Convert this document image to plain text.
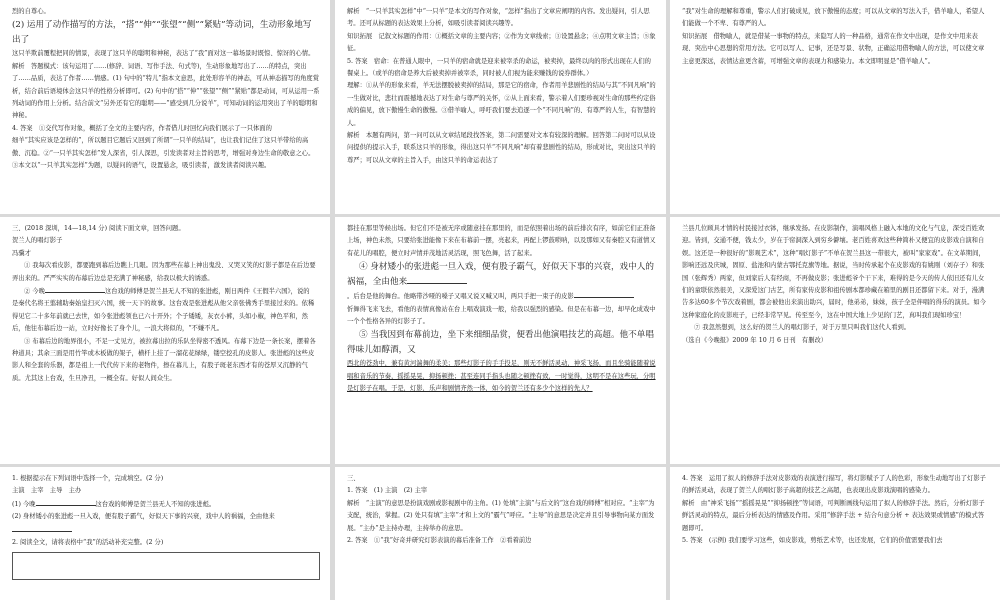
烈的自尊心。

(2) 运用了动作描写的方法，“搭”“伸”“张望”“侧”“紧贴”等动词，生动形象地写出了

这只羊欺前覆程把同的情景，表现了这只羊的聪明和神秘，表达了“我”面对这一幕场景时既惊、惊讶的心情。

解析　答题模式：该句运用了……(修辞、词语、写作手法、句式等)，生动形象地写出了……的特点，突出了……品质，表达了作者……情感。(1) 句中的“特儿”指本文意思，此处形容羊的神态，可从神态描写的角度赏析，结合前后语境体会这只羊的性格分析即可。(2) 句中的“搭”“伸”“张望”“侧”“紧贴”都是动词，可从运用一系列动词的作用上分析。结合前文“另外还有它的聪明——”感受到几分说羊”，可知动词的运用突出了羊的聪明和神秘。

4. 答案　①交代写作对象，概括了全文的主要内容，作者借儿时回忆向我们展示了一只体面的

细羊“其实应该是怎样的”，所以题目它题后又回到了所谓“一只羊的结局”，也让我们记住了这只羊带给的高傲、沉稳。②“一只羊其实怎样”发人深省，引人深思，引发读者对主旨的思考，增强对身边生命的敬意之心。③本文以“一只羊其实怎样”为题，以疑问的语气，设置悬念，吸引读者，激发读者阅读兴趣。

解析　“一只羊其实怎样”中“一只羊”是本文的写作对象，“怎样”指出了文章应阐明的内容。发出疑问，引人思考。还可从标题的表达效果上分析，如吸引读者阅读兴趣等。

知识拓展　记叙文标题的作用：①概括文章的主要内容；②作为文章线索；③设置悬念；④点明文章主旨；⑤象征。

5. 答案　宿命：在普通人眼中，一只羊的宿命就是迎来被宰杀的命运，被卖掉，最终以肉的形式出现在人们的餐桌上。（或羊的宿命是养大后被卖掉并被宰杀，同时被人们视为能来赚钱的说券群体。）

理解：①从羊的形象来看，羊无法摆脱被卖掉的结局，那是它的宿命，作者用羊悲剧性的结局与其“不同凡响”的一生做对比，悲壮而震撼地表达了对生命与尊严的关怀，②从上面来看，警示着人们要珍视对生命的那些约定俗成的偏见，放下傲慢生命的傲慢。③借羊喻人，呼吁我们要去追逐一个“不同凡响”的、有尊严的人生，有智慧的人。

解析　本题有两问，第一问可以从文章结尾段找答案，第二问需要对文本有较深的理解。回答第二问时可以从设问提供的提示入手，联系这只羊的形象，得出这只羊“不同凡响”却有着悲剧性的结局，形成对比，突出这只羊的尊严；可以从文章的主旨入手，由这只羊的命运表达了

“我”对生命的理解和尊重，警示人们打破成见，放下傲慢的态度；可以从文章的写法入手，借羊喻人，希望人们能做一个不卑、有尊严的人。

知识拓展　借物喻人，就是借某一事物的特点，来隐写人的一种品格，通常在作文中出现，是作文中用来表现、突出中心思想的常用方法。它可以写人、记事，还是写景、状物，正确运用借物喻人的方法，可以使文章主意更深远，表情达意更含蓄，可增强文章的表现力和感染力。本文即明显是“借羊喻人”。

三、(2018 深圳，14—18,14 分) 阅读下面文章，回答问题。

贺兰人的唱灯影子

冯骥才

① 我每次看皮影，都要跑到幕后边瞧上几眼。因为那些在幕上神出鬼没、又哭又笑的灯影子都是在后边要弄出来的。严严实实的布幕后边总是充满了神秘感，给我以极大的诱惑。

② 今晚	这台戏的师傅是贺兰县无人不知的张进彪，刚日两件《王假半六国》，说的

是秦代名将王翦辅助秦始皇扫灭六国，统一天下的故事。这台戏是张进彪从他父亲张佛秀手里接过来的。依稀得见它二十多年前就已去世，如今张进彪领也已六十开外；个子矮矮，灰衣小裤，头如小椒，神色平和，然后，他往布幕后边一站，立时好像长了身个儿，一浪大将似的，“不嫌不凡。

③ 布幕后边的地界很小，不足一丈见方，被拉幕出拉的乐队坐得密不透风。布幕下边是一条长案，摆着各种道具；其余三面是用竹竿或木板做的架子，横杆上挂了一溜花花绿绿，镂空挖孔的皮影人。张进彪的这些皮影人和全套的乐器，都是祖上一代代传下来的老物件，擦在幕儿上，有股子斑老东西才有的苍厚又沉静的气质。尤其这上台戏，生旦净丑，一概全有。好似人间众生。

都挂在那里等候出场。但它们不是被无序或随意挂在那里的，而是依照着出场的前后排次有序，如前它们正准备上场，神色未然，只要给张进能像下来在布幕前一摆，亮起来，再配上锣鼓唢呐，以及那如又有秦腔又有道情又有花儿的唱腔，便立时声情并茂地活灵活现，照飞色舞，活了起来。

④ 身材矮小的张进彪一旦入戏，便有股子霸气，好似天下事的兴衰，戏中人的祸福，全由他来

。后台是他的舞台。他略带沙哑的嗓子又唱又说又喊又叫，两只手把一束子的皮影

忻舞得飞来飞去，看他的表情真像站在台上唱戏演戏一般，给我以强烈的感染。但是在布幕一边，却早化成戏中一个个性格各异的灯影子了。

⑤ 当我因到布幕前边，坐下来细细品赏，便看出他演唱技艺的高超。他不单唱得味儿如醇酒，又

西北的苍劲中，兼有黄河湍舞的柔美；那些灯影子的手手投足，则无不鲜活灵动，神采飞扬，而且坐骑能随着说唱和音乐的节奏，摇摇晃晃，抑扬顿挫；甚至连同手指头也随之顿挫有致，一时觉得，这明不是在这些玩，分明是灯影子在唱。于是，灯影，乐声和剧情齐然一体，如今的贺兰还有多少个这样的先人？

兰县几位顾具才情的村民接过衣钵，继承发扬。在皮影制作，演唱风格上融入本地的文化与气息，深受百姓欢迎。皆到，交通不便，钱太少，岁在于窑洞深入到穷乡僻壤。老百姓喜欢这些种简朴又便宜的皮影戏自演和自娱。这还是一种很好的“影观艺术”，这种“唱灯影子”不单在贺兰县这一带很大，被叫“家家戏”。在文革期间，影响还远及庆城，固原、盐池和内蒙古鄂托克旗等地。据说，当时传承起个在皮影戏的有姚刚（刘存子）和张国（张辉秀）两家，但刘家后人有经商，不再做皮影；张进彪爷个干下来，难得的是今天的传人依旧还有儿女们的童联依然很美，又深爱这门古艺，所有家传皮影和祖传剧本都珍藏在箱里的剧目还都留下来。对于，漫满告多达60多个节次戏着剧，都会被他出来演出助兴，届时，他弟弟，妹妹，孩子全是伴唱的得乐的演员。如今这种家庭化的皮影班子，已经非常罕见。传至至今，这在中国大地上少见的门艺，真叫我们现如珍宝！

⑦ 我忽然想到，这么好的贺兰人的唱灯影子，对于万里只叫我们这代人看到。

（选自《今晚报》2009 年 10 月 6 日刊　有删改）

1. 根据提示在下列词语中选择一个，完成填空。(2 分)

主演　主宰　主导　主办

(1) 今晚	这台戏的师傅是贺兰县无人不知的张进彪。

(2) 身材矮小的张进彪一旦入戏，便有股子霸气，好似天下事的兴衰，戏中人的祸福，全由他来

2. 阅读全文，请将表格中“我”的活动补充完整。(2 分)

三、

1. 答案　(1) 主演　(2) 主宰

解析　“主演”的意思是扮演戏剧或影视剧中的主角。(1) 处填“主演”与后文的“这台戏的师傅”相对应。“主宰”为支配，统治，掌握。(2) 处只有填“主宰”才和上文的“霸气”呼应。“主导”的意思是决定并且引导事物向某方面发展。“主办”是主持办理，主持举办的意思。

2. 答案　①“我”好奇并研究灯影表演的幕后准备工作　②看着前边

4. 答案　运用了拟人的修辞手法对皮影戏的表演进行描写，将灯影赋予了人的色彩，形象生动地写出了灯影子的鲜活灵动，表现了贺兰人的唱灯影子高超的技艺之高超，也表现出皮影戏演唱的感染力。

解析　由“神采飞扬”“摇摇晃晃”“抑扬顿挫”等词语，可判断画线句运用了拟人的修辞手法。然后，分析灯影子鲜活灵动的特点，最后分析表达的情感及作用。采用“修辞手法 + 结合句意分析 + 表达效果或情感”的模式答题即可。

5. 答案　(示例) 我们要学习这些，如皮影戏，剪纸艺术等，也还发展，它们的价值需要我们去
